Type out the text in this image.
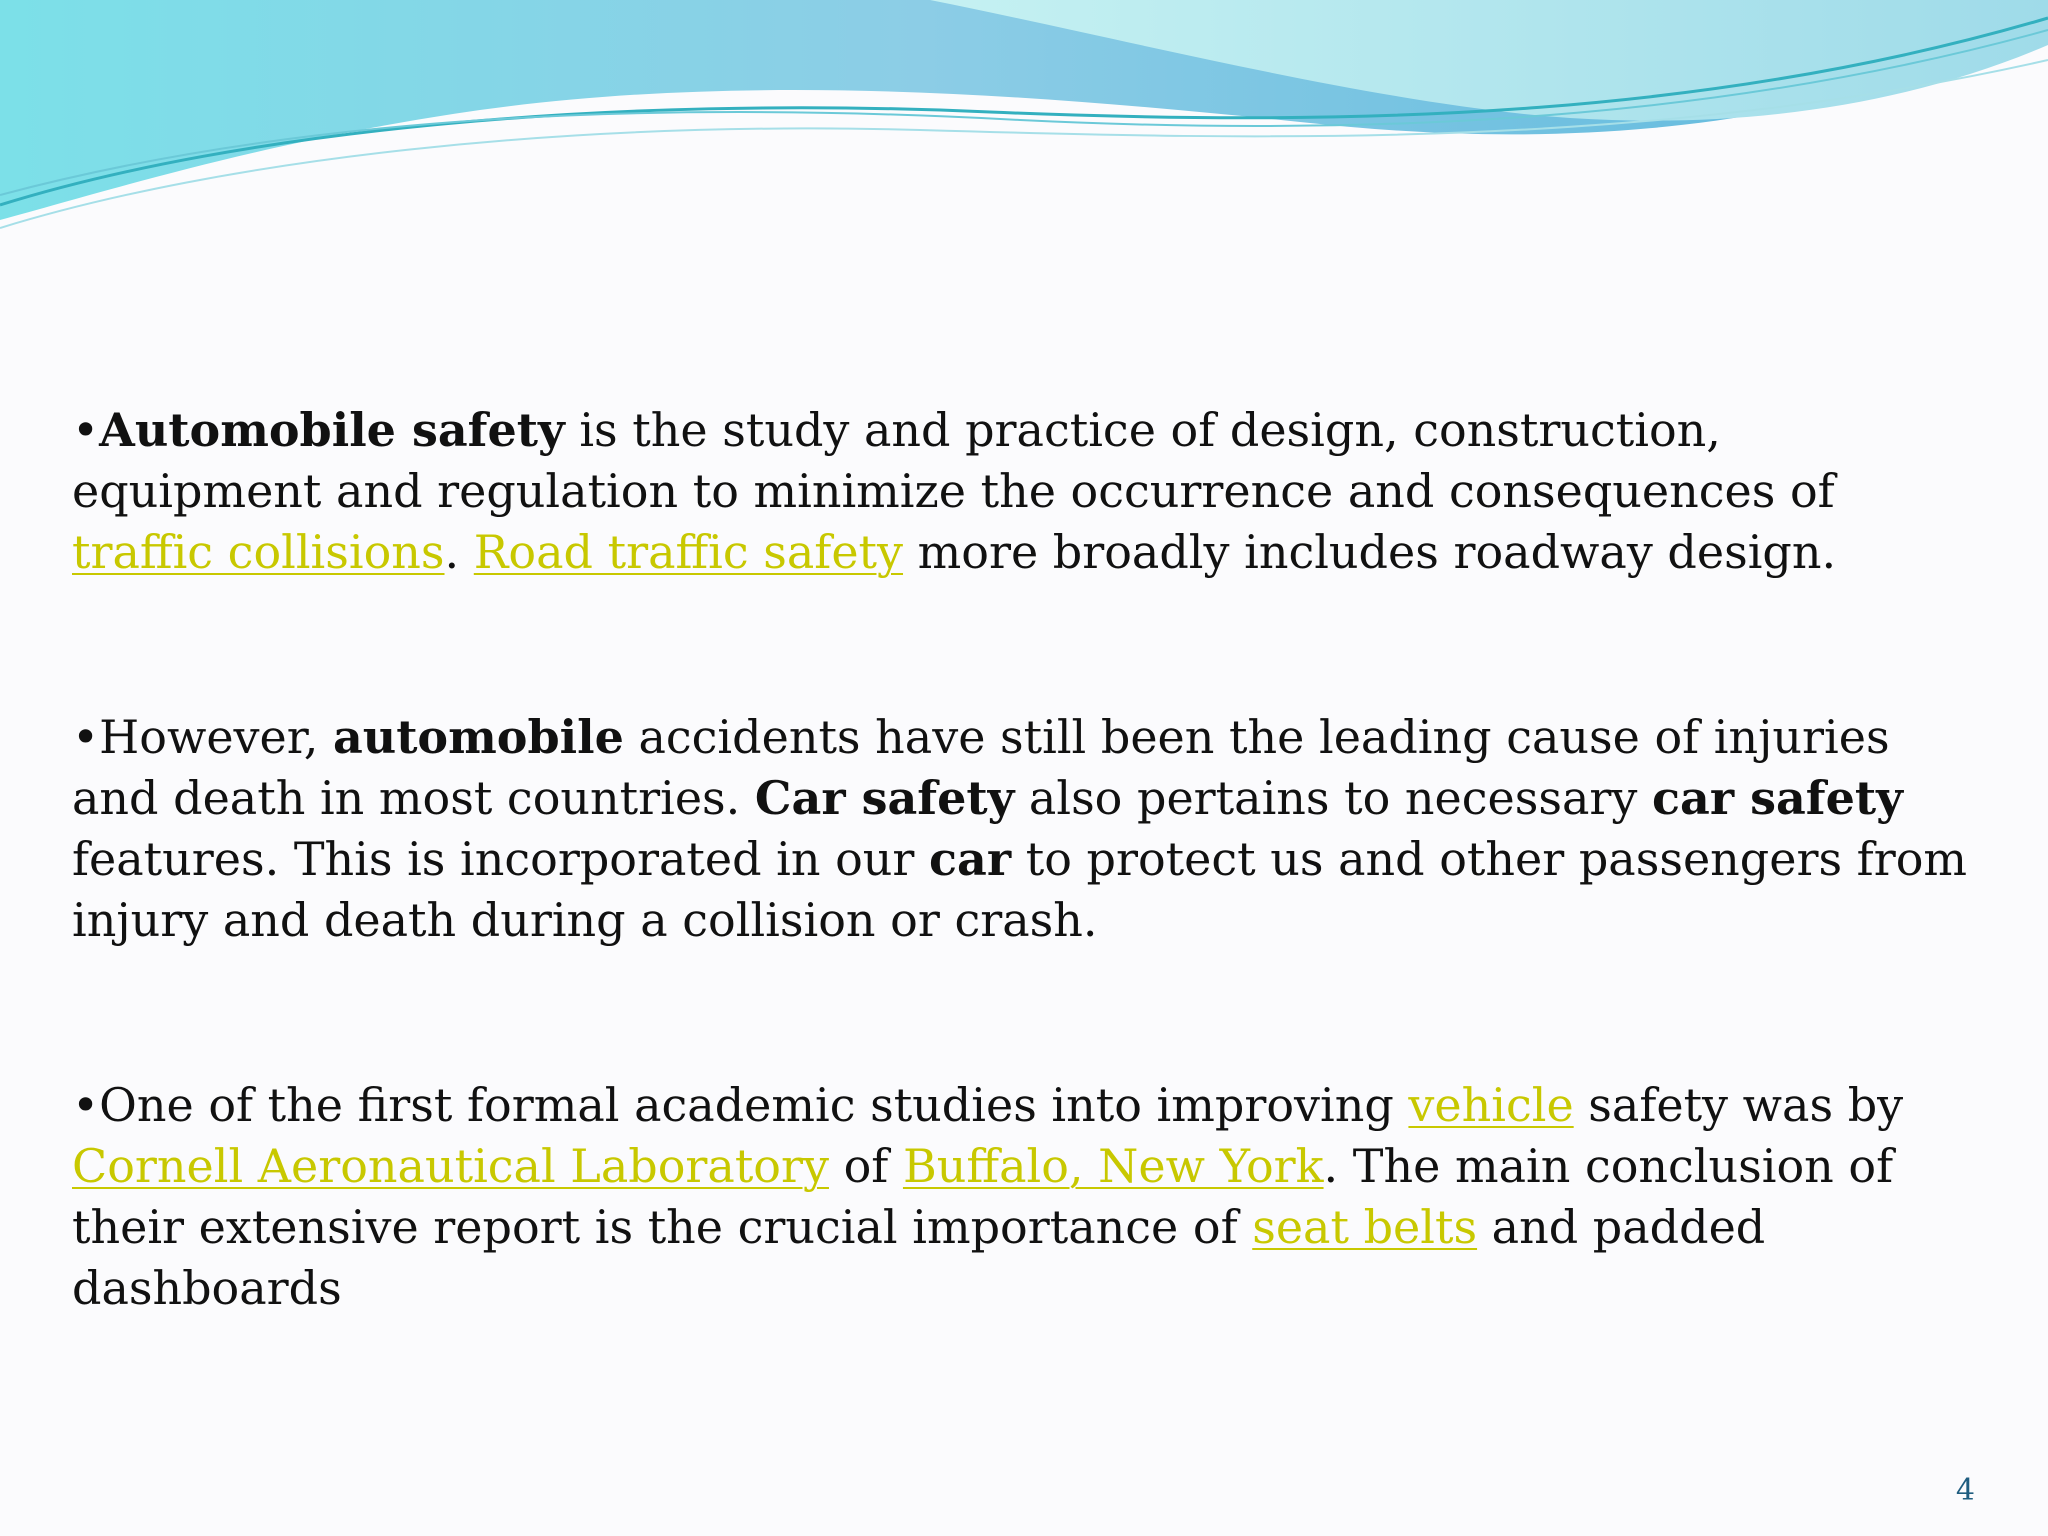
•Automobile safety is the study and practice of design, construction, equipment and regulation to minimize the occurrence and consequences of traffic collisions. Road traffic safety more broadly includes roadway design.

•However, automobile accidents have still been the leading cause of injuries and death in most countries. Car safety also pertains to necessary car safety features. This is incorporated in our car to protect us and other passengers from injury and death during a collision or crash.

•One of the first formal academic studies into improving vehicle safety was by Cornell Aeronautical Laboratory of Buffalo, New York. The main conclusion of their extensive report is the crucial importance of seat belts and padded dashboards

4
